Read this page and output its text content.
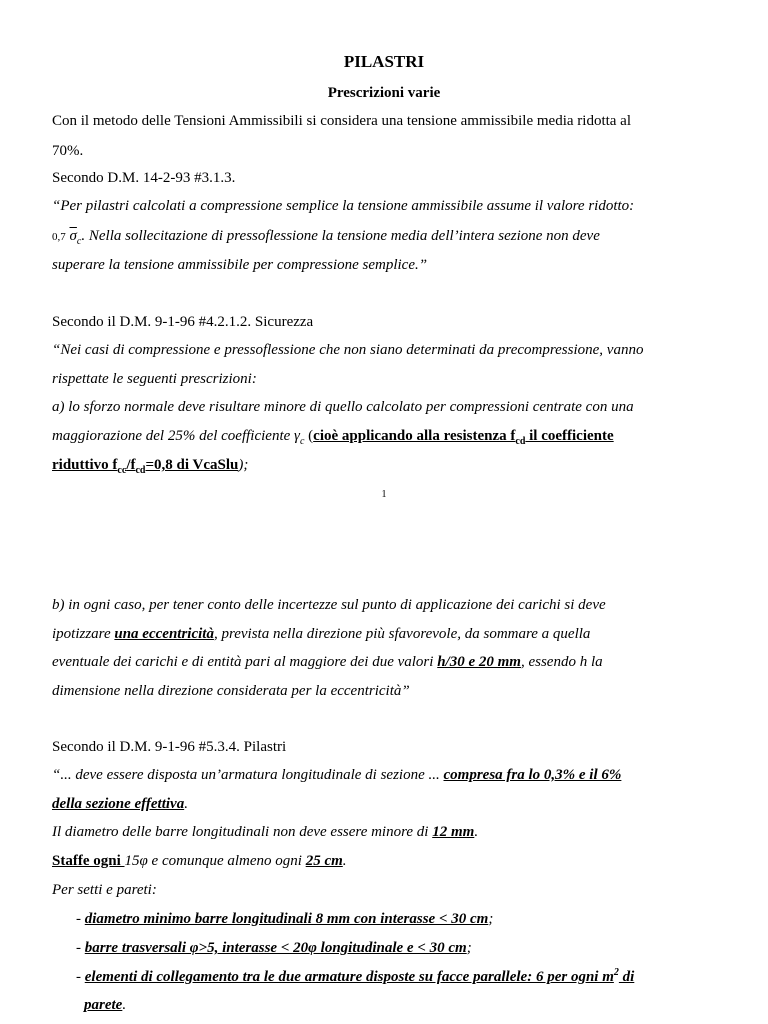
PILASTRI
Prescrizioni varie
Con il metodo delle Tensioni Ammissibili si considera una tensione ammissibile media ridotta al
70%.
Secondo D.M. 14-2-93 #3.1.3.
“Per pilastri calcolati a compressione semplice la tensione ammissibile assume il valore ridotto:
0,7 $\overline{\sigma}_c$. Nella sollecitazione di pressoflessione la tensione media dell’intera sezione non deve
superare la tensione ammissibile per compressione semplice.”
Secondo il D.M. 9-1-96 #4.2.1.2. Sicurezza
“Nei casi di compressione e pressoflessione che non siano determinati da precompressione, vanno
rispettate le seguenti prescrizioni:
a) lo sforzo normale deve risultare minore di quello calcolato per compressioni centrate con una
maggiorazione del 25% del coefficiente $\gamma_c$ (cioè applicando alla resistenza $f_{cd}$ il coefficiente
riduttivo $f_{cc}/f_{cd}=0,8$ di VcaSlu);
1
b) in ogni caso, per tener conto delle incertezze sul punto di applicazione dei carichi si deve
ipotizzare una eccentricità, prevista nella direzione più sfavorevole, da sommare a quella
eventuale dei carichi e di entità pari al maggiore dei due valori h/30 e 20 mm, essendo h la
dimensione nella direzione considerata per la eccentricità”
Secondo il D.M. 9-1-96 #5.3.4. Pilastri
“... deve essere disposta un’armatura longitudinale di sezione ... compresa fra lo 0,3% e il 6%
della sezione effettiva.
Il diametro delle barre longitudinali non deve essere minore di 12 mm.
Staffe ogni 15φ e comunque almeno ogni 25 cm.
Per setti e pareti:
- diametro minimo barre longitudinali 8 mm con interasse < 30 cm;
- barre trasversali φ>5, interasse < 20φ longitudinale e < 30 cm;
- elementi di collegamento tra le due armature disposte su facce parallele: 6 per ogni $m^2$ di
parete.
